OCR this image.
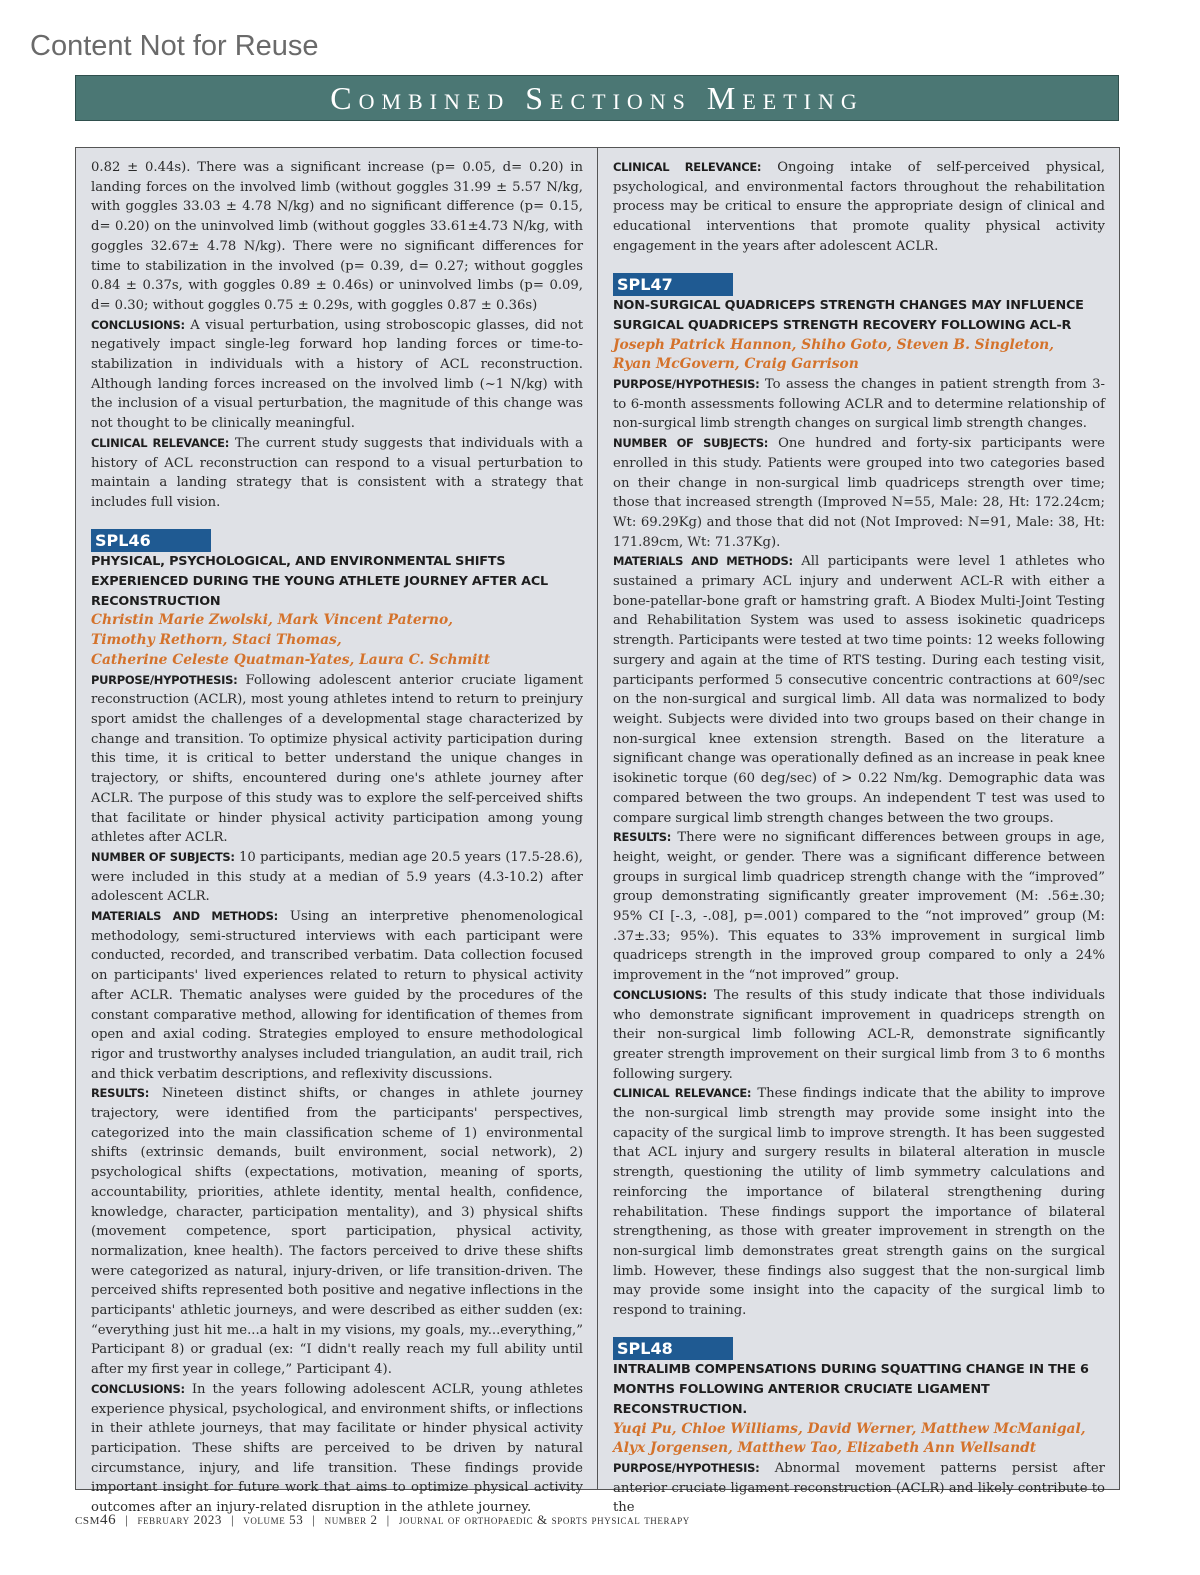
Content Not for Reuse
Combined Sections Meeting

0.82 ± 0.44s). There was a significant increase (p= 0.05, d= 0.20) in landing forces on the involved limb (without goggles 31.99 ± 5.57 N/kg, with goggles 33.03 ± 4.78 N/kg) and no significant difference (p= 0.15, d= 0.20) on the uninvolved limb (without goggles 33.61±4.73 N/kg, with goggles 32.67± 4.78 N/kg). There were no significant differences for time to stabilization in the involved (p= 0.39, d= 0.27; without goggles 0.84 ± 0.37s, with goggles 0.89 ± 0.46s) or uninvolved limbs (p= 0.09, d= 0.30; without goggles 0.75 ± 0.29s, with goggles 0.87 ± 0.36s)

CONCLUSIONS: A visual perturbation, using stroboscopic glasses, did not negatively impact single-leg forward hop landing forces or time-to-stabilization in individuals with a history of ACL reconstruction. Although landing forces increased on the involved limb (~1 N/kg) with the inclusion of a visual perturbation, the magnitude of this change was not thought to be clinically meaningful.

CLINICAL RELEVANCE: The current study suggests that individuals with a history of ACL reconstruction can respond to a visual perturbation to maintain a landing strategy that is consistent with a strategy that includes full vision.

SPL46
PHYSICAL, PSYCHOLOGICAL, AND ENVIRONMENTAL SHIFTS EXPERIENCED DURING THE YOUNG ATHLETE JOURNEY AFTER ACL RECONSTRUCTION
Christin Marie Zwolski, Mark Vincent Paterno,
Timothy Rethorn, Staci Thomas,
Catherine Celeste Quatman-Yates, Laura C. Schmitt

PURPOSE/HYPOTHESIS: Following adolescent anterior cruciate ligament reconstruction (ACLR), most young athletes intend to return to preinjury sport amidst the challenges of a developmental stage characterized by change and transition. To optimize physical activity participation during this time, it is critical to better understand the unique changes in trajectory, or shifts, encountered during one's athlete journey after ACLR. The purpose of this study was to explore the self-perceived shifts that facilitate or hinder physical activity participation among young athletes after ACLR.

NUMBER OF SUBJECTS: 10 participants, median age 20.5 years (17.5-28.6), were included in this study at a median of 5.9 years (4.3-10.2) after adolescent ACLR.

MATERIALS AND METHODS: Using an interpretive phenomenological methodology, semi-structured interviews with each participant were conducted, recorded, and transcribed verbatim. Data collection focused on participants' lived experiences related to return to physical activity after ACLR. Thematic analyses were guided by the procedures of the constant comparative method, allowing for identification of themes from open and axial coding. Strategies employed to ensure methodological rigor and trustworthy analyses included triangulation, an audit trail, rich and thick verbatim descriptions, and reflexivity discussions.

RESULTS: Nineteen distinct shifts, or changes in athlete journey trajectory, were identified from the participants' perspectives, categorized into the main classification scheme of 1) environmental shifts (extrinsic demands, built environment, social network), 2) psychological shifts (expectations, motivation, meaning of sports, accountability, priorities, athlete identity, mental health, confidence, knowledge, character, participation mentality), and 3) physical shifts (movement competence, sport participation, physical activity, normalization, knee health). The factors perceived to drive these shifts were categorized as natural, injury-driven, or life transition-driven. The perceived shifts represented both positive and negative inflections in the participants' athletic journeys, and were described as either sudden (ex: “everything just hit me...a halt in my visions, my goals, my...everything,” Participant 8) or gradual (ex: “I didn't really reach my full ability until after my first year in college,” Participant 4).

CONCLUSIONS: In the years following adolescent ACLR, young athletes experience physical, psychological, and environment shifts, or inflections in their athlete journeys, that may facilitate or hinder physical activity participation. These shifts are perceived to be driven by natural circumstance, injury, and life transition. These findings provide important insight for future work that aims to optimize physical activity outcomes after an injury-related disruption in the athlete journey.

CLINICAL RELEVANCE: Ongoing intake of self-perceived physical, psychological, and environmental factors throughout the rehabilitation process may be critical to ensure the appropriate design of clinical and educational interventions that promote quality physical activity engagement in the years after adolescent ACLR.

SPL47
NON-SURGICAL QUADRICEPS STRENGTH CHANGES MAY INFLUENCE SURGICAL QUADRICEPS STRENGTH RECOVERY FOLLOWING ACL-R
Joseph Patrick Hannon, Shiho Goto, Steven B. Singleton,
Ryan McGovern, Craig Garrison

PURPOSE/HYPOTHESIS: To assess the changes in patient strength from 3- to 6-month assessments following ACLR and to determine relationship of non-surgical limb strength changes on surgical limb strength changes.

NUMBER OF SUBJECTS: One hundred and forty-six participants were enrolled in this study. Patients were grouped into two categories based on their change in non-surgical limb quadriceps strength over time; those that increased strength (Improved N=55, Male: 28, Ht: 172.24cm; Wt: 69.29Kg) and those that did not (Not Improved: N=91, Male: 38, Ht: 171.89cm, Wt: 71.37Kg).

MATERIALS AND METHODS: All participants were level 1 athletes who sustained a primary ACL injury and underwent ACL-R with either a bone-patellar-bone graft or hamstring graft. A Biodex Multi-Joint Testing and Rehabilitation System was used to assess isokinetic quadriceps strength. Participants were tested at two time points: 12 weeks following surgery and again at the time of RTS testing. During each testing visit, participants performed 5 consecutive concentric contractions at 60º/sec on the non-surgical and surgical limb. All data was normalized to body weight. Subjects were divided into two groups based on their change in non-surgical knee extension strength. Based on the literature a significant change was operationally defined as an increase in peak knee isokinetic torque (60 deg/sec) of > 0.22 Nm/kg. Demographic data was compared between the two groups. An independent T test was used to compare surgical limb strength changes between the two groups.

RESULTS: There were no significant differences between groups in age, height, weight, or gender. There was a significant difference between groups in surgical limb quadricep strength change with the “improved” group demonstrating significantly greater improvement (M: .56±.30; 95% CI [-.3, -.08], p=.001) compared to the “not improved” group (M: .37±.33; 95%). This equates to 33% improvement in surgical limb quadriceps strength in the improved group compared to only a 24% improvement in the “not improved” group.

CONCLUSIONS: The results of this study indicate that those individuals who demonstrate significant improvement in quadriceps strength on their non-surgical limb following ACL-R, demonstrate significantly greater strength improvement on their surgical limb from 3 to 6 months following surgery.

CLINICAL RELEVANCE: These findings indicate that the ability to improve the non-surgical limb strength may provide some insight into the capacity of the surgical limb to improve strength. It has been suggested that ACL injury and surgery results in bilateral alteration in muscle strength, questioning the utility of limb symmetry calculations and reinforcing the importance of bilateral strengthening during rehabilitation. These findings support the importance of bilateral strengthening, as those with greater improvement in strength on the non-surgical limb demonstrates great strength gains on the surgical limb. However, these findings also suggest that the non-surgical limb may provide some insight into the capacity of the surgical limb to respond to training.

SPL48
INTRALIMB COMPENSATIONS DURING SQUATTING CHANGE IN THE 6 MONTHS FOLLOWING ANTERIOR CRUCIATE LIGAMENT RECONSTRUCTION.
Yuqi Pu, Chloe Williams, David Werner, Matthew McManigal,
Alyx Jorgensen, Matthew Tao, Elizabeth Ann Wellsandt

PURPOSE/HYPOTHESIS: Abnormal movement patterns persist after anterior cruciate ligament reconstruction (ACLR) and likely contribute to the

csm46 | february 2023 | volume 53 | number 2 | journal of orthopaedic & sports physical therapy
